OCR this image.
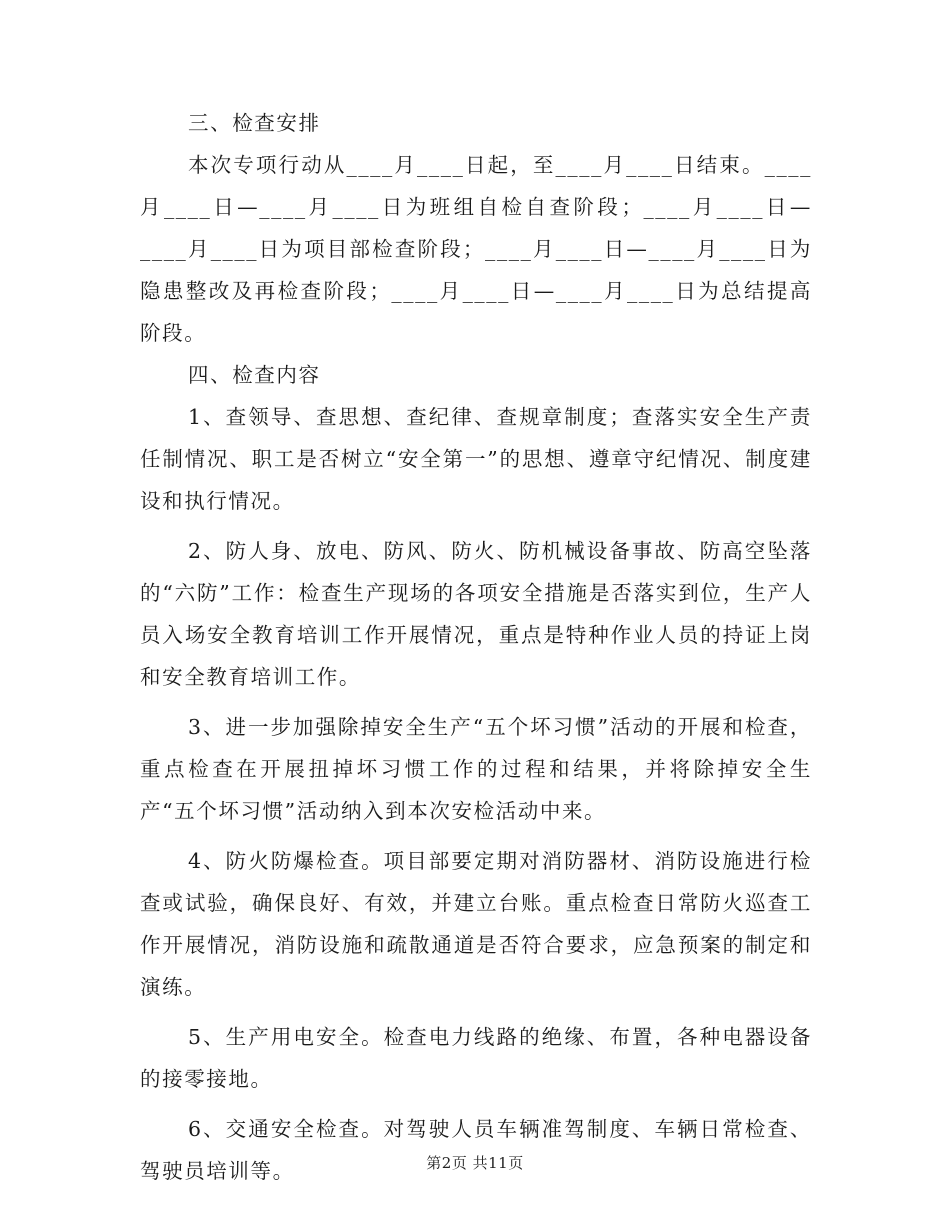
三、检查安排

本次专项行动从____月____日起，至____月____日结束。____月____日—____月____日为班组自检自查阶段；____月____日—____月____日为项目部检查阶段；____月____日—____月____日为隐患整改及再检查阶段；____月____日—____月____日为总结提高阶段。

四、检查内容

1、查领导、查思想、查纪律、查规章制度；查落实安全生产责任制情况、职工是否树立“安全第一”的思想、遵章守纪情况、制度建设和执行情况。

2、防人身、放电、防风、防火、防机械设备事故、防高空坠落的“六防”工作：检查生产现场的各项安全措施是否落实到位，生产人员入场安全教育培训工作开展情况，重点是特种作业人员的持证上岗和安全教育培训工作。

3、进一步加强除掉安全生产“五个坏习惯”活动的开展和检查，重点检查在开展扭掉坏习惯工作的过程和结果，并将除掉安全生产“五个坏习惯”活动纳入到本次安检活动中来。

4、防火防爆检查。项目部要定期对消防器材、消防设施进行检查或试验，确保良好、有效，并建立台账。重点检查日常防火巡查工作开展情况，消防设施和疏散通道是否符合要求，应急预案的制定和演练。

5、生产用电安全。检查电力线路的绝缘、布置，各种电器设备的接零接地。

6、交通安全检查。对驾驶人员车辆准驾制度、车辆日常检查、驾驶员培训等。	第2页 共11页
